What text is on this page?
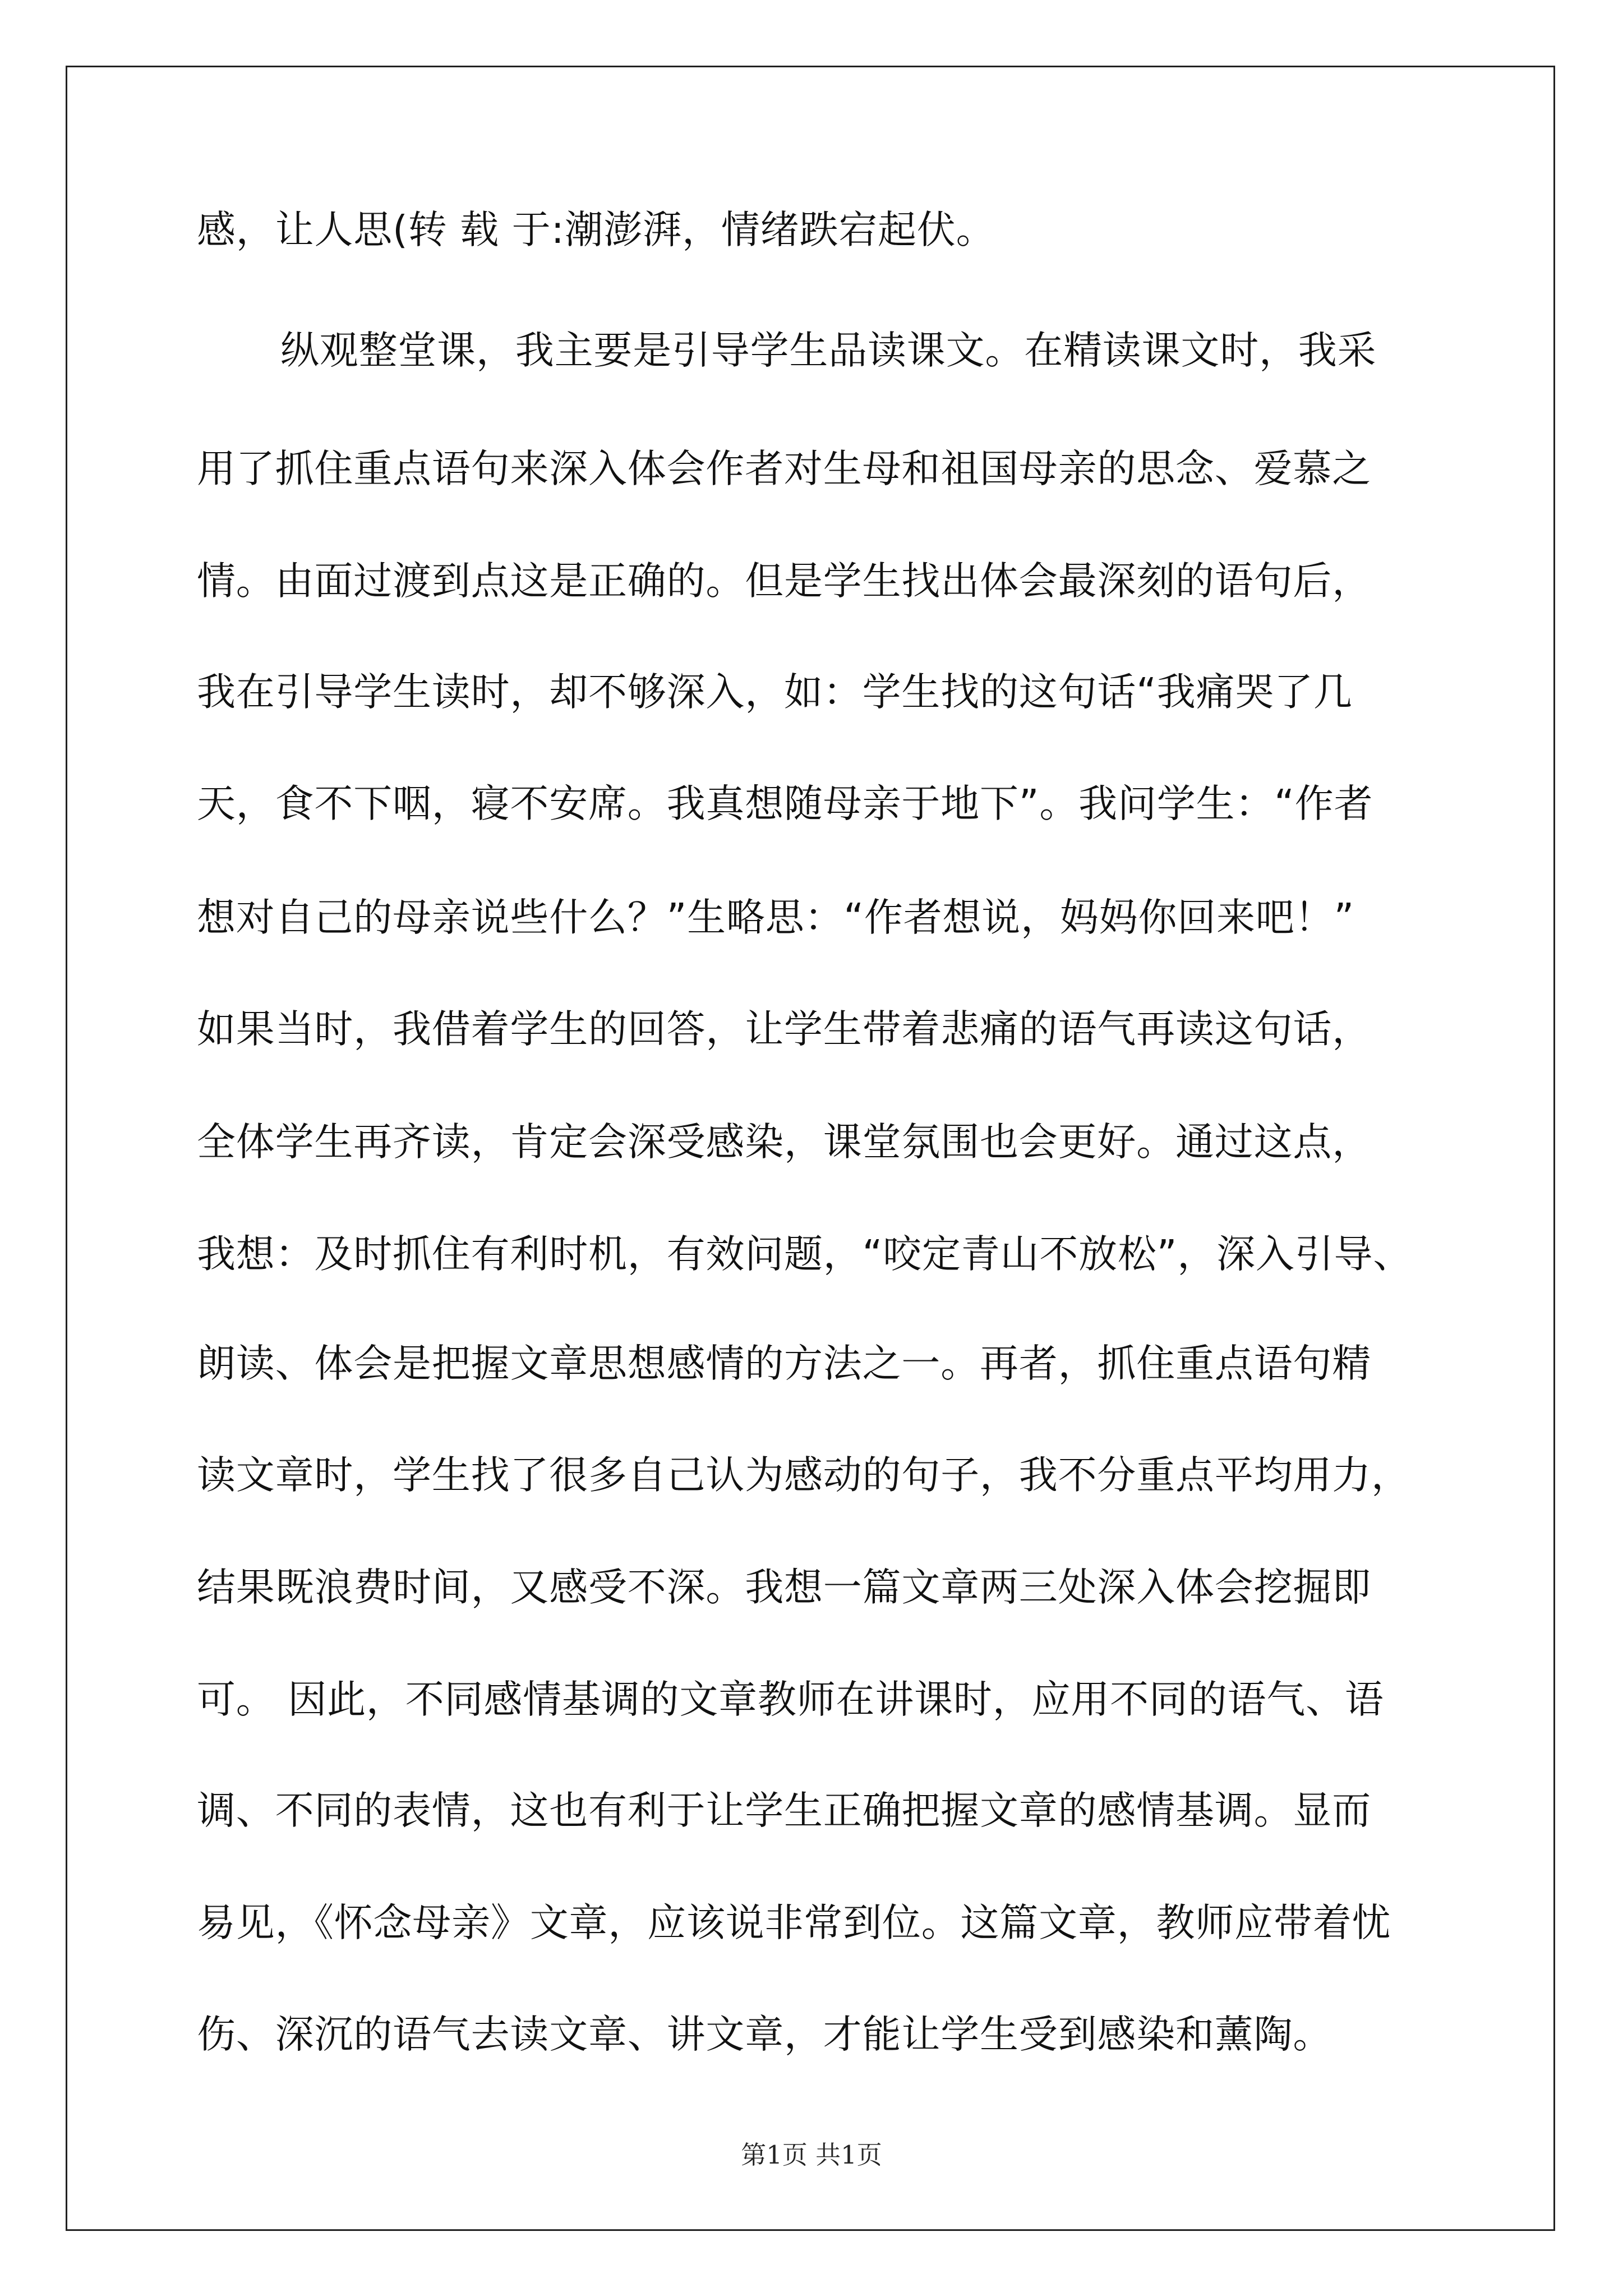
感，让人思(转 载 于:潮澎湃，情绪跌宕起伏。
纵观整堂课，我主要是引导学生品读课文。在精读课文时，我采
用了抓住重点语句来深入体会作者对生母和祖国母亲的思念、爱慕之
情。由面过渡到点这是正确的。但是学生找出体会最深刻的语句后，
我在引导学生读时，却不够深入，如：学生找的这句话“我痛哭了几
天，食不下咽，寝不安席。我真想随母亲于地下”。我问学生：“作者
想对自己的母亲说些什么？”生略思：“作者想说，妈妈你回来吧！”
如果当时，我借着学生的回答，让学生带着悲痛的语气再读这句话，
全体学生再齐读，肯定会深受感染，课堂氛围也会更好。通过这点，
我想：及时抓住有利时机，有效问题，“咬定青山不放松”，深入引导、
朗读、体会是把握文章思想感情的方法之一。再者，抓住重点语句精
读文章时，学生找了很多自己认为感动的句子，我不分重点平均用力，
结果既浪费时间，又感受不深。我想一篇文章两三处深入体会挖掘即
可。 因此，不同感情基调的文章教师在讲课时，应用不同的语气、语
调、不同的表情，这也有利于让学生正确把握文章的感情基调。显而
易见，《怀念母亲》文章，应该说非常到位。这篇文章，教师应带着忧
伤、深沉的语气去读文章、讲文章，才能让学生受到感染和薰陶。
第1页 共1页
